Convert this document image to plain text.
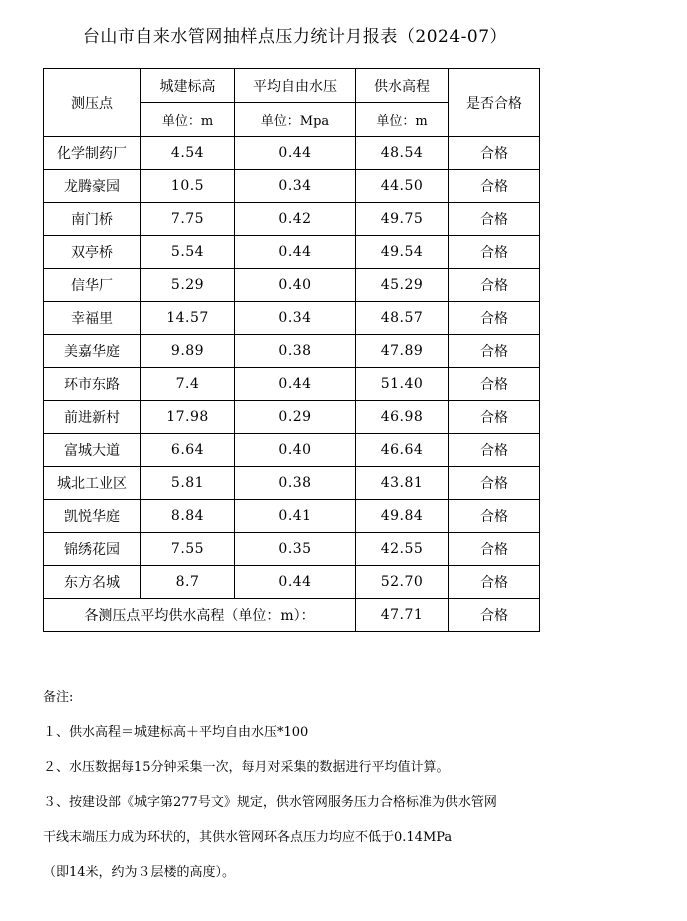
台山市自来水管网抽样点压力统计月报表（2024-07）
测压点	城建标高	平均自由水压	供水高程	是否合格
	单位：m	单位：Mpa	单位：m	
化学制药厂	4.54	0.44	48.54	合格
龙腾豪园	10.5	0.34	44.50	合格
南门桥	7.75	0.42	49.75	合格
双亭桥	5.54	0.44	49.54	合格
信华厂	5.29	0.40	45.29	合格
幸福里	14.57	0.34	48.57	合格
美嘉华庭	9.89	0.38	47.89	合格
环市东路	7.4	0.44	51.40	合格
前进新村	17.98	0.29	46.98	合格
富城大道	6.64	0.40	46.64	合格
城北工业区	5.81	0.38	43.81	合格
凯悦华庭	8.84	0.41	49.84	合格
锦绣花园	7.55	0.35	42.55	合格
东方名城	8.7	0.44	52.70	合格
各测压点平均供水高程（单位：m）：			47.71	合格
备注:
１、供水高程＝城建标高＋平均自由水压*100
２、水压数据每15分钟采集一次，每月对采集的数据进行平均值计算。
３、按建设部《城字第277号文》规定，供水管网服务压力合格标准为供水管网
干线末端压力成为环状的，其供水管网环各点压力均应不低于0.14MPa
（即14米，约为３层楼的高度）。
